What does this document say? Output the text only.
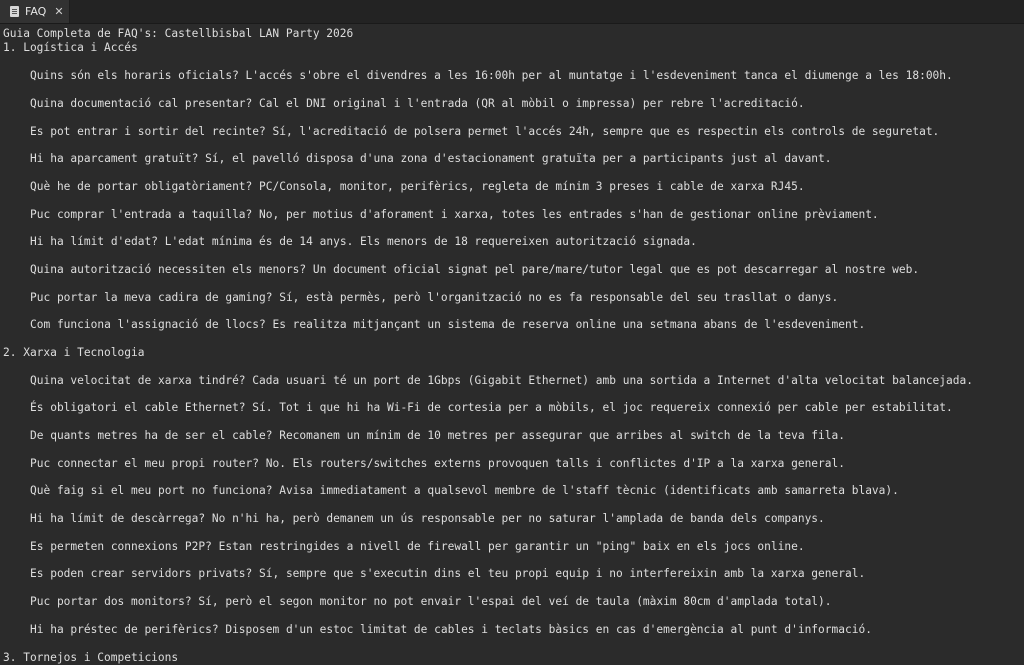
FAQ ✕

Guia Completa de FAQ's: Castellbisbal LAN Party 2026

1. Logística i Accés

Quins són els horaris oficials? L'accés s'obre el divendres a les 16:00h per al muntatge i l'esdeveniment tanca el diumenge a les 18:00h.

Quina documentació cal presentar? Cal el DNI original i l'entrada (QR al mòbil o impressa) per rebre l'acreditació.

Es pot entrar i sortir del recinte? Sí, l'acreditació de polsera permet l'accés 24h, sempre que es respectin els controls de seguretat.

Hi ha aparcament gratuït? Sí, el pavelló disposa d'una zona d'estacionament gratuïta per a participants just al davant.

Què he de portar obligatòriament? PC/Consola, monitor, perifèrics, regleta de mínim 3 preses i cable de xarxa RJ45.

Puc comprar l'entrada a taquilla? No, per motius d'aforament i xarxa, totes les entrades s'han de gestionar online prèviament.

Hi ha límit d'edat? L'edat mínima és de 14 anys. Els menors de 18 requereixen autorització signada.

Quina autorització necessiten els menors? Un document oficial signat pel pare/mare/tutor legal que es pot descarregar al nostre web.

Puc portar la meva cadira de gaming? Sí, està permès, però l'organització no es fa responsable del seu trasllat o danys.

Com funciona l'assignació de llocs? Es realitza mitjançant un sistema de reserva online una setmana abans de l'esdeveniment.

2. Xarxa i Tecnologia

Quina velocitat de xarxa tindré? Cada usuari té un port de 1Gbps (Gigabit Ethernet) amb una sortida a Internet d'alta velocitat balancejada.

És obligatori el cable Ethernet? Sí. Tot i que hi ha Wi-Fi de cortesia per a mòbils, el joc requereix connexió per cable per estabilitat.

De quants metres ha de ser el cable? Recomanem un mínim de 10 metres per assegurar que arribes al switch de la teva fila.

Puc connectar el meu propi router? No. Els routers/switches externs provoquen talls i conflictes d'IP a la xarxa general.

Què faig si el meu port no funciona? Avisa immediatament a qualsevol membre de l'staff tècnic (identificats amb samarreta blava).

Hi ha límit de descàrrega? No n'hi ha, però demanem un ús responsable per no saturar l'amplada de banda dels companys.

Es permeten connexions P2P? Estan restringides a nivell de firewall per garantir un "ping" baix en els jocs online.

Es poden crear servidors privats? Sí, sempre que s'executin dins el teu propi equip i no interfereixin amb la xarxa general.

Puc portar dos monitors? Sí, però el segon monitor no pot envair l'espai del veí de taula (màxim 80cm d'amplada total).

Hi ha préstec de perifèrics? Disposem d'un estoc limitat de cables i teclats bàsics en cas d'emergència al punt d'informació.

3. Tornejos i Competicions
